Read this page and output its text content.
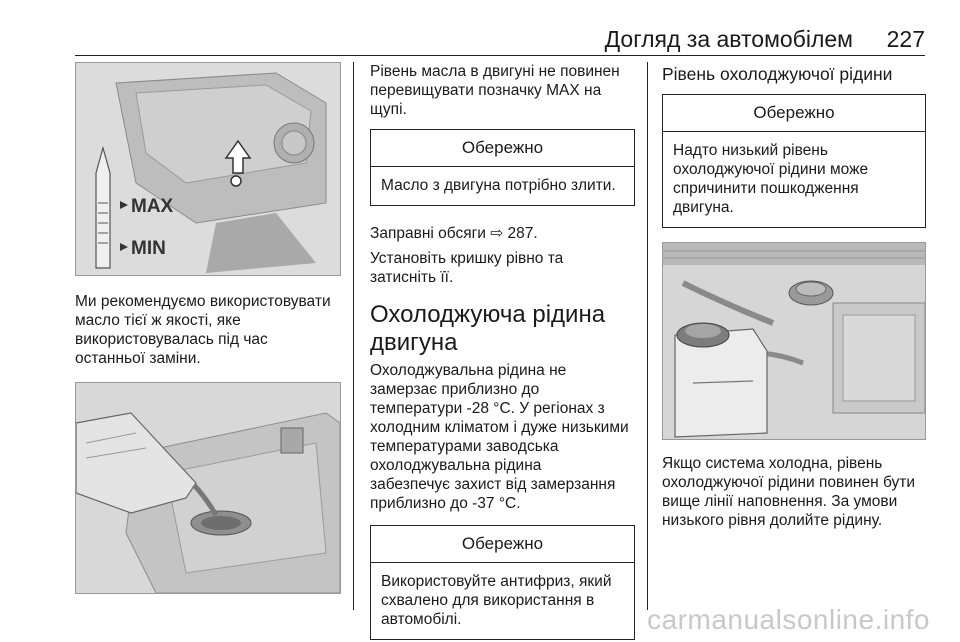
Догляд за автомобілем 227
MAX
MIN

Ми рекомендуємо використовувати

масло тієї ж якості, яке

використовувалась під час

останньої заміни.

Рівень масла в двигуні не повинен

перевищувати позначку MAX на

щупі.

Обережно
Масло з двигуна потрібно злити.

Заправні обсяги ⇨ 287.

Установіть кришку рівно та

затисніть її.

Охолоджуюча рідина

двигуна

Охолоджувальна рідина не

замерзає приблизно до

температури -28 °C. У регіонах з

холодним кліматом і дуже низькими

температурами заводська

охолоджувальна рідина

забезпечує захист від замерзання

приблизно до -37 °C.

Обережно

Використовуйте антифриз, який

схвалено для використання в

автомобілі.

Рівень охолоджуючої рідини

Обережно

Надто низький рівень

охолоджуючої рідини може

спричинити пошкодження

двигуна.

Якщо система холодна, рівень

охолоджуючої рідини повинен бути

вище лінії наповнення. За умови

низького рівня долийте рідину.

carmanualsonline.info
